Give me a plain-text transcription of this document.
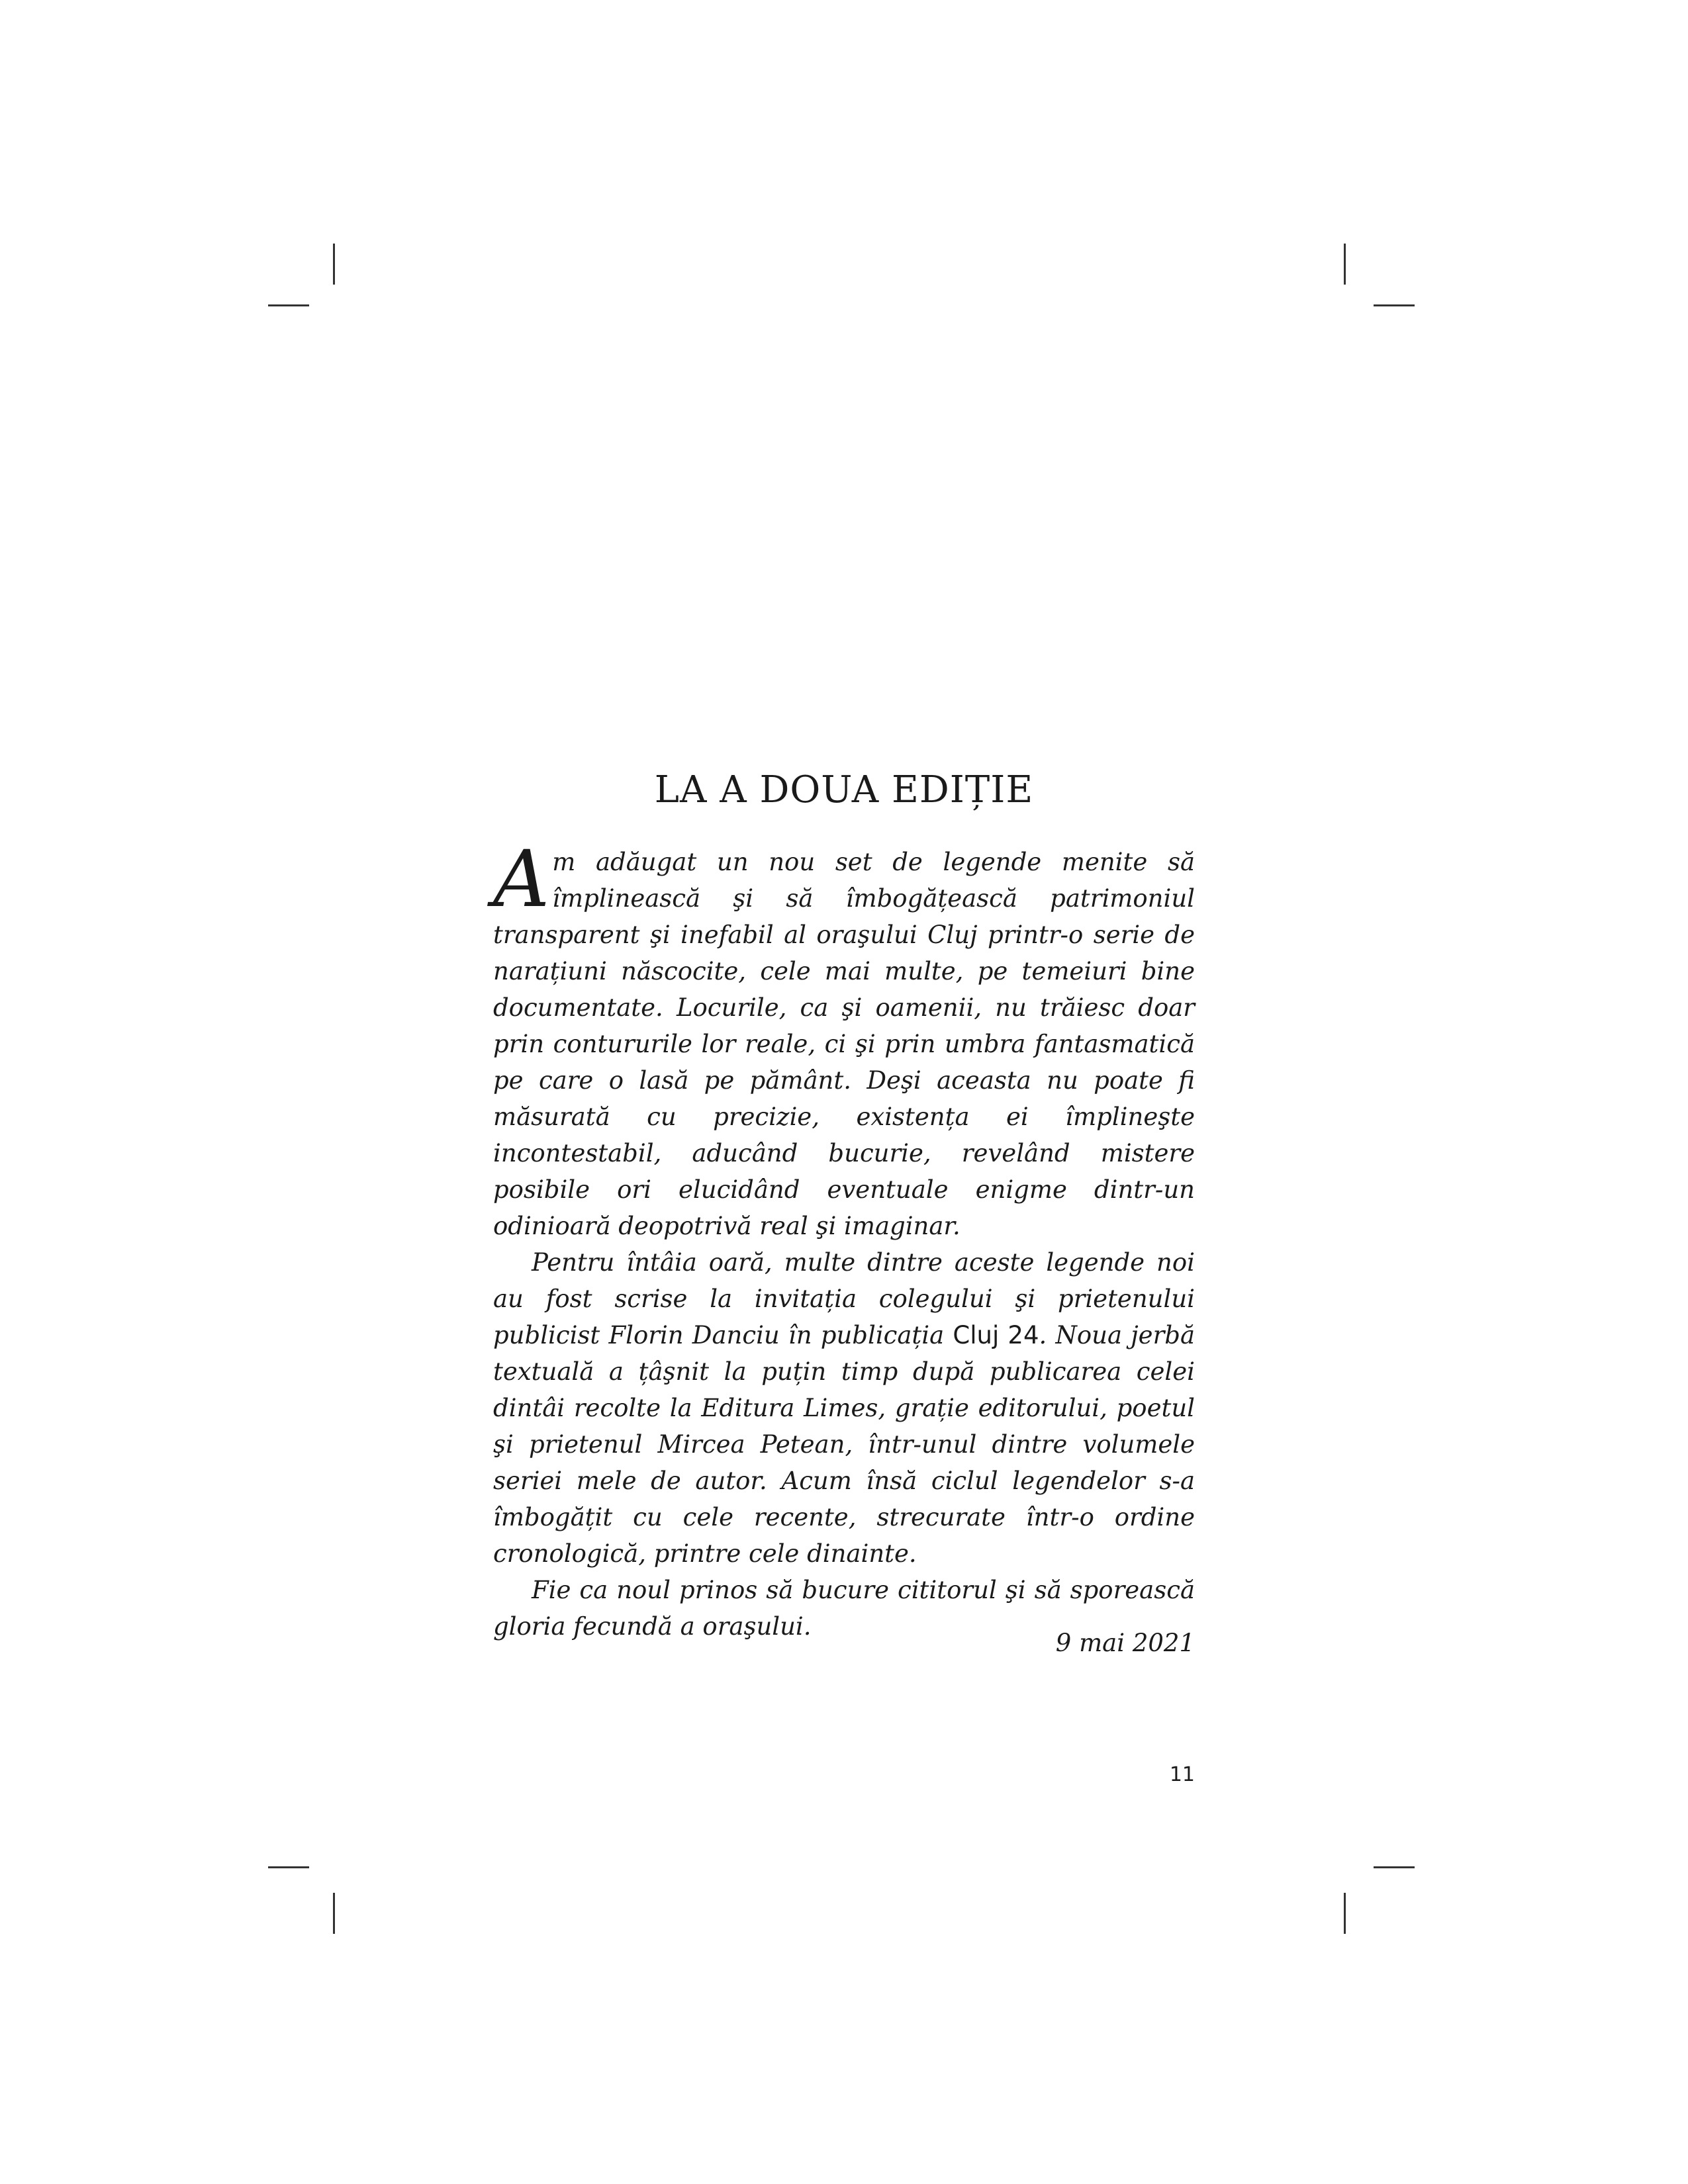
LA A DOUA EDIȚIE

Am adăugat un nou set de legende menite să împlinească şi să îmbogățească patrimoniul transparent şi inefabil al oraşului Cluj printr-o serie de narațiuni născocite, cele mai multe, pe temeiuri bine documentate. Locurile, ca şi oamenii, nu trăiesc doar prin contururile lor reale, ci şi prin umbra fantasmatică pe care o lasă pe pământ. Deşi aceasta nu poate fi măsurată cu precizie, existența ei împlineşte incontestabil, aducând bucurie, revelând mistere posibile ori elucidând eventuale enigme dintr-un odinioară deopotrivă real şi imaginar.

Pentru întâia oară, multe dintre aceste legende noi au fost scrise la invitația colegului şi prietenului publicist Florin Danciu în publicația Cluj 24. Noua jerbă textuală a țâşnit la puțin timp după publicarea celei dintâi recolte la Editura Limes, grație editorului, poetul şi prietenul Mircea Petean, într-unul dintre volumele seriei mele de autor. Acum însă ciclul legendelor s-a îmbogățit cu cele recente, strecurate într-o ordine cronologică, printre cele dinainte.

Fie ca noul prinos să bucure cititorul şi să sporească gloria fecundă a oraşului.

9 mai 2021
11
